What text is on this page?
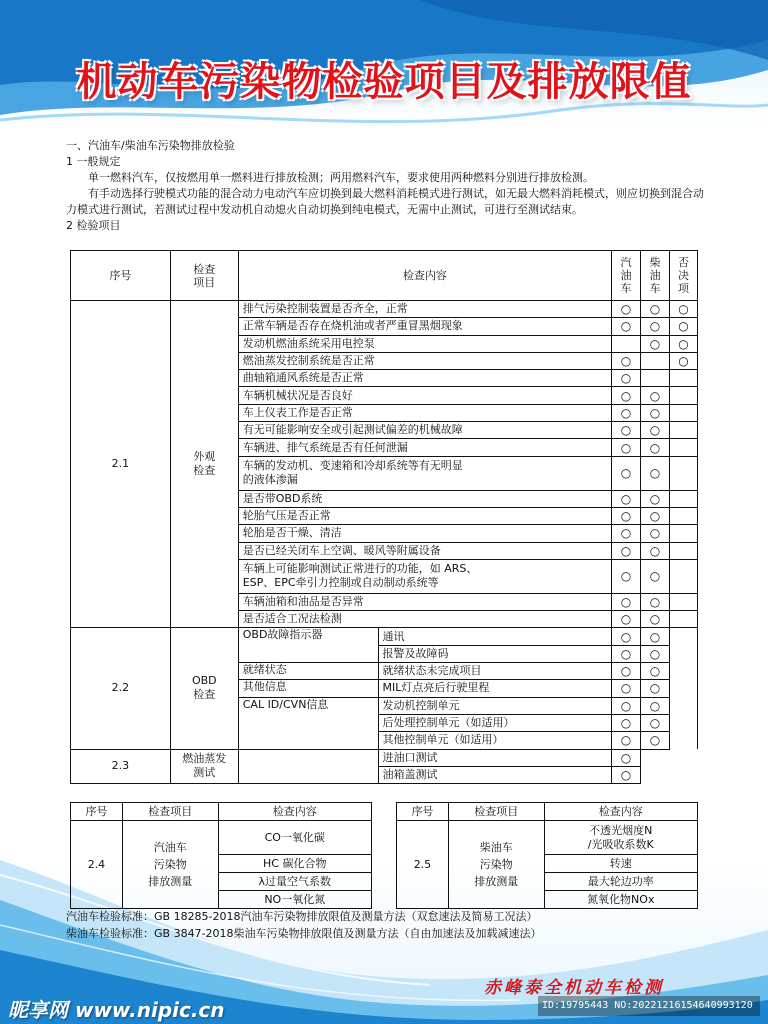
机动车污染物检验项目及排放限值

一、汽油车/柴油车污染物排放检验

1 一般规定

单一燃料汽车，仅按燃用单一燃料进行排放检测；两用燃料汽车，要求使用两种燃料分别进行排放检测。

有手动选择行驶模式功能的混合动力电动汽车应切换到最大燃料消耗模式进行测试，如无最大燃料消耗模式，则应切换到混合动力模式进行测试，若测试过程中发动机自动熄火自动切换到纯电模式，无需中止测试，可进行至测试结束。

2 检验项目

序号	检查
项目	检查内容		汽
油
车	柴
油
车	否
决
项
2.1	外观
检查	排气污染控制装置是否齐全，正常		○	○	○
		正常车辆是否存在烧机油或者严重冒黑烟现象		○	○	○
		发动机燃油系统采用电控泵			○	○
		燃油蒸发控制系统是否正常		○		○
		曲轴箱通风系统是否正常		○		
		车辆机械状况是否良好		○	○	
		车上仪表工作是否正常		○	○	
		有无可能影响安全或引起测试偏差的机械故障		○	○	
		车辆进、排气系统是否有任何泄漏		○	○	
		车辆的发动机、变速箱和冷却系统等有无明显
的液体渗漏		○	○	
		是否带OBD系统		○	○	
		轮胎气压是否正常		○	○	
		轮胎是否干燥、清洁		○	○	
		是否已经关闭车上空调、暖风等附属设备		○	○	
		车辆上可能影响测试正常进行的功能，如 ARS、
ESP、EPC牵引力控制或自动制动系统等		○	○	
		车辆油箱和油品是否异常		○	○	
		是否适合工况法检测		○	○	
2.2	OBD
检查	OBD故障指示器	通讯	○	○	
			报警及故障码	○	○	
		就绪状态	就绪状态未完成项目	○	○	
		其他信息	MIL灯点亮后行驶里程	○	○	
		CAL ID/CVN信息	发动机控制单元	○	○	
			后处理控制单元（如适用）	○	○	
			其他控制单元（如适用）	○	○	
2.3	燃油蒸发
测试		进油口测试	○		
			油箱盖测试	○		
序号	检查项目	检查内容
2.4	汽油车
污染物
排放测量	CO一氧化碳
		HC 碳化合物
		λ过量空气系数
		NO一氧化氮
序号	检查项目	检查内容
2.5	柴油车
污染物
排放测量	不透光烟度N
/光吸收系数K
		转速
		最大轮边功率
		氮氧化物NOx
汽油车检验标准：GB 18285-2018汽油车污染物排放限值及测量方法（双怠速法及简易工况法）
柴油车检验标准：GB 3847-2018柴油车污染物排放限值及测量方法（自由加速法及加载减速法）
赤峰泰全机动车检测
昵享网 www.nipic.cn	ID:19795443 NO:20221216154640993120
